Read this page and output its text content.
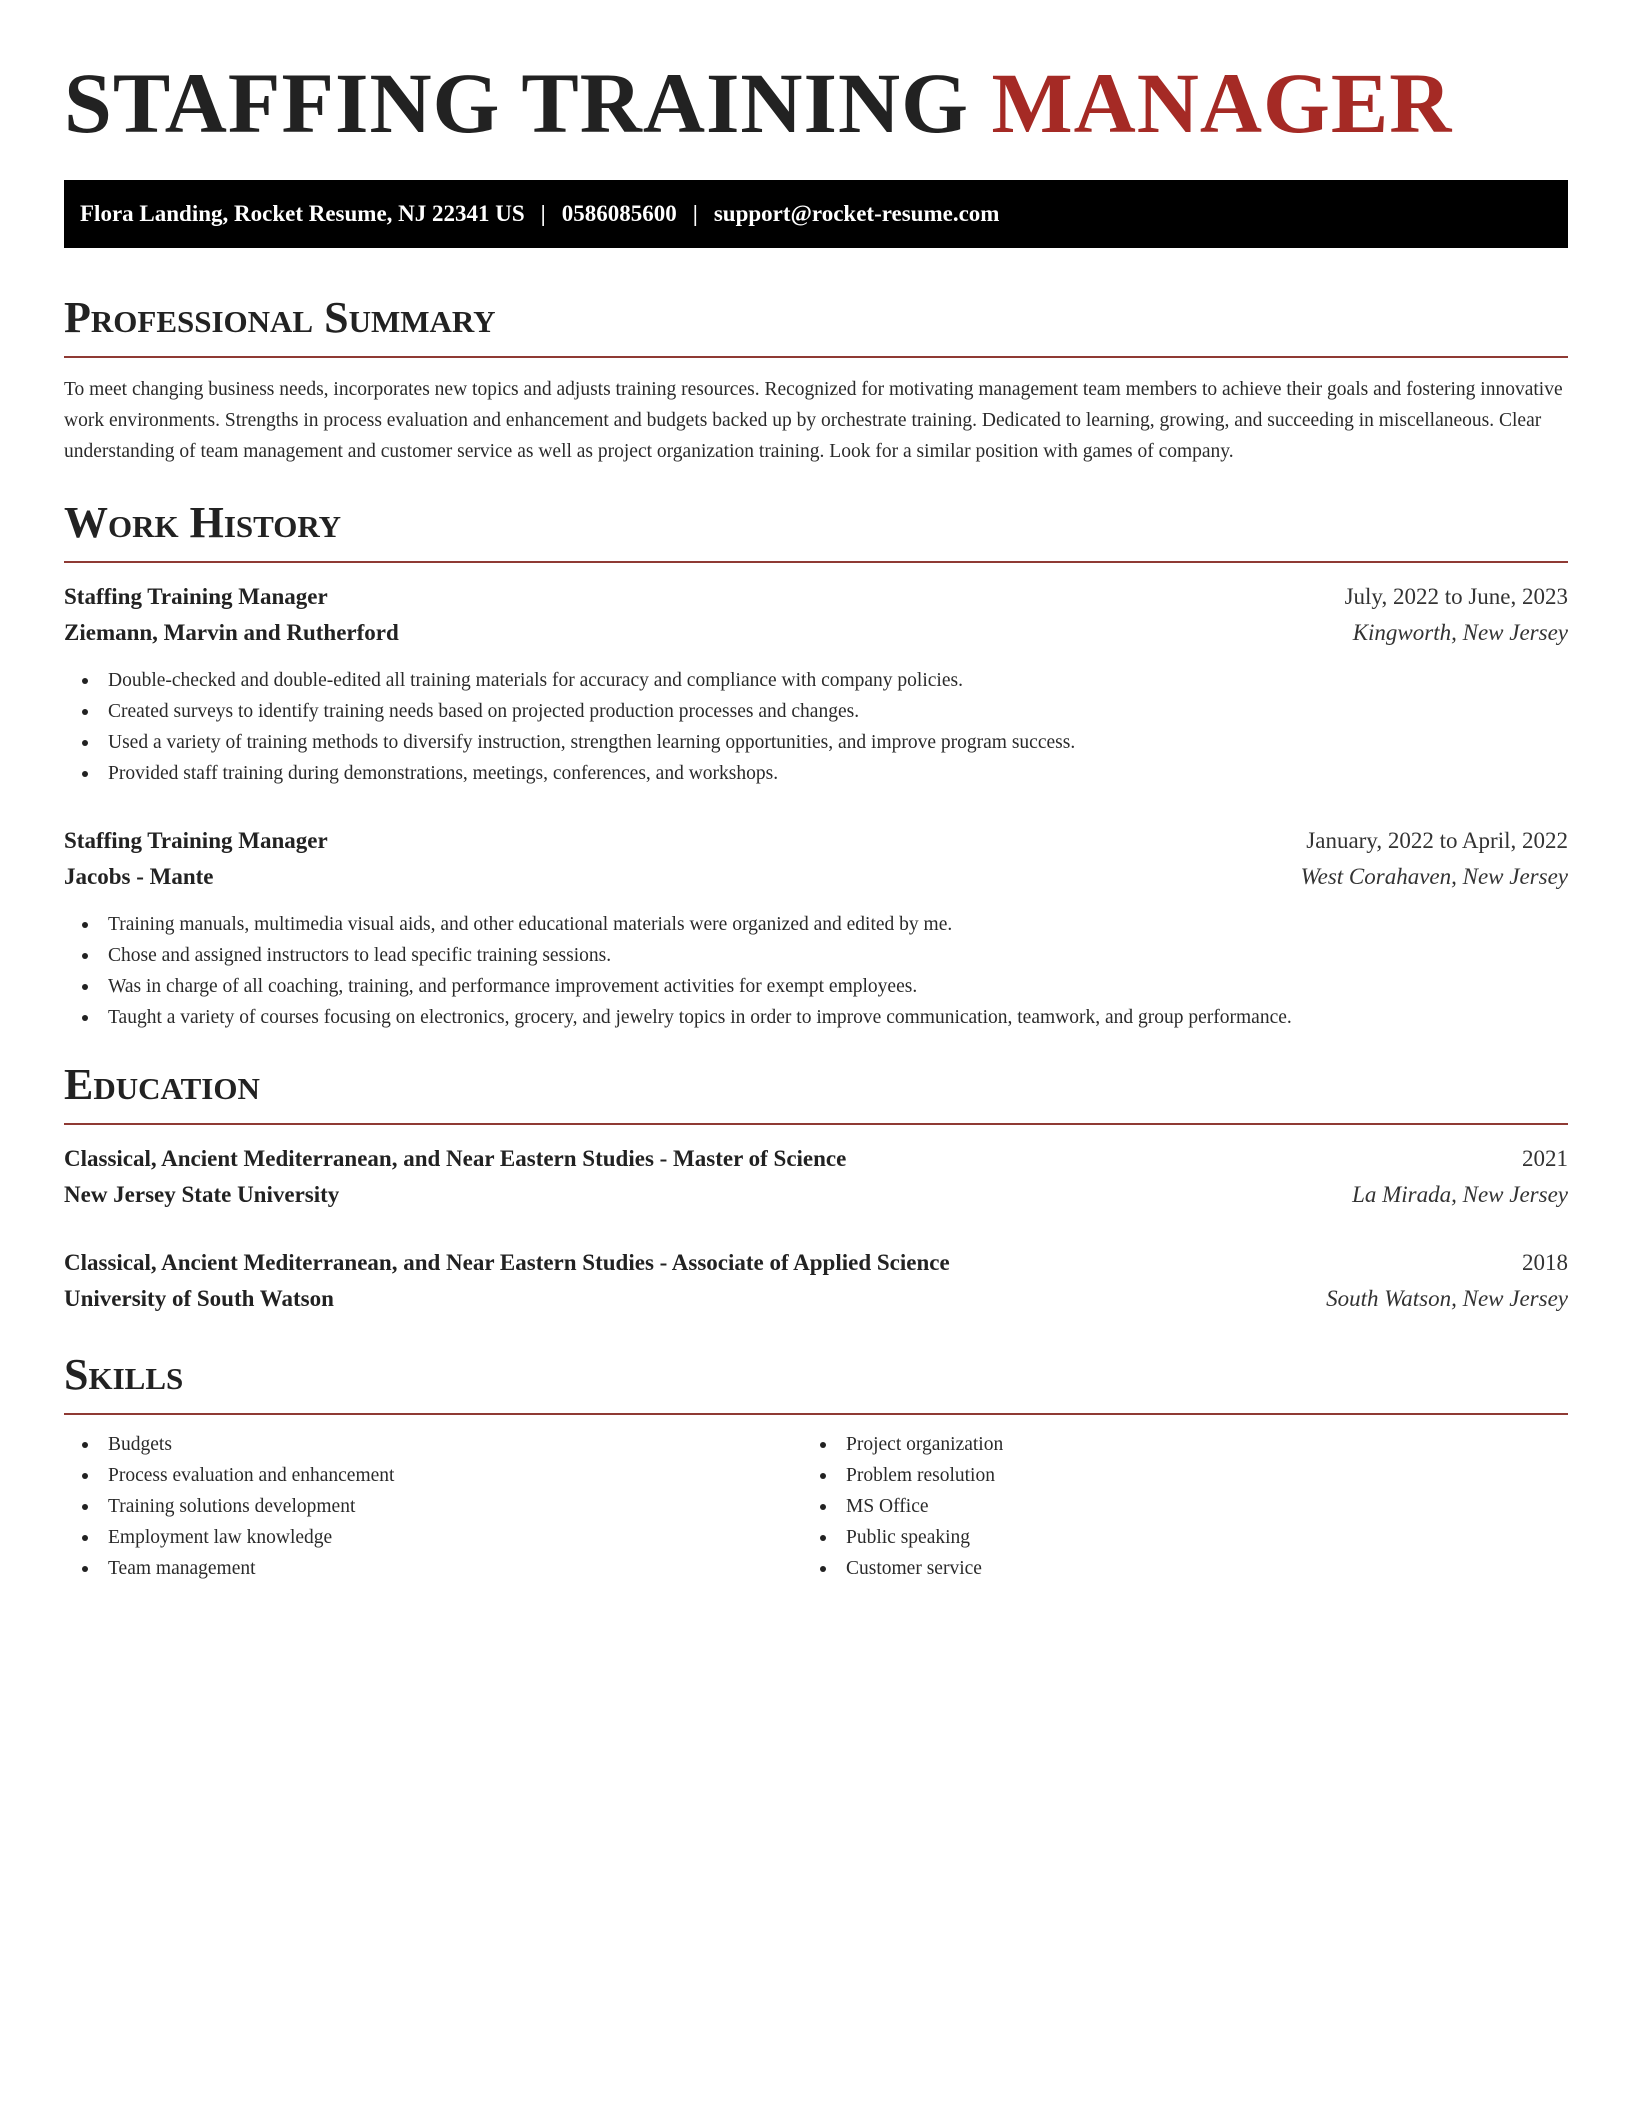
STAFFING TRAINING MANAGER
Flora Landing, Rocket Resume, NJ 22341 US | 0586085600 | support@rocket-resume.com
Professional Summary
To meet changing business needs, incorporates new topics and adjusts training resources. Recognized for motivating management team members to achieve their goals and fostering innovative work environments. Strengths in process evaluation and enhancement and budgets backed up by orchestrate training. Dedicated to learning, growing, and succeeding in miscellaneous. Clear understanding of team management and customer service as well as project organization training. Look for a similar position with games of company.
Work History
Staffing Training Manager	July, 2022 to June, 2023
Ziemann, Marvin and Rutherford	Kingworth, New Jersey
Double-checked and double-edited all training materials for accuracy and compliance with company policies.
Created surveys to identify training needs based on projected production processes and changes.
Used a variety of training methods to diversify instruction, strengthen learning opportunities, and improve program success.
Provided staff training during demonstrations, meetings, conferences, and workshops.
Staffing Training Manager	January, 2022 to April, 2022
Jacobs - Mante	West Corahaven, New Jersey
Training manuals, multimedia visual aids, and other educational materials were organized and edited by me.
Chose and assigned instructors to lead specific training sessions.
Was in charge of all coaching, training, and performance improvement activities for exempt employees.
Taught a variety of courses focusing on electronics, grocery, and jewelry topics in order to improve communication, teamwork, and group performance.
Education
Classical, Ancient Mediterranean, and Near Eastern Studies - Master of Science	2021
New Jersey State University	La Mirada, New Jersey
Classical, Ancient Mediterranean, and Near Eastern Studies - Associate of Applied Science	2018
University of South Watson	South Watson, New Jersey
Skills
Budgets
Process evaluation and enhancement
Training solutions development
Employment law knowledge
Team management
Project organization
Problem resolution
MS Office
Public speaking
Customer service
